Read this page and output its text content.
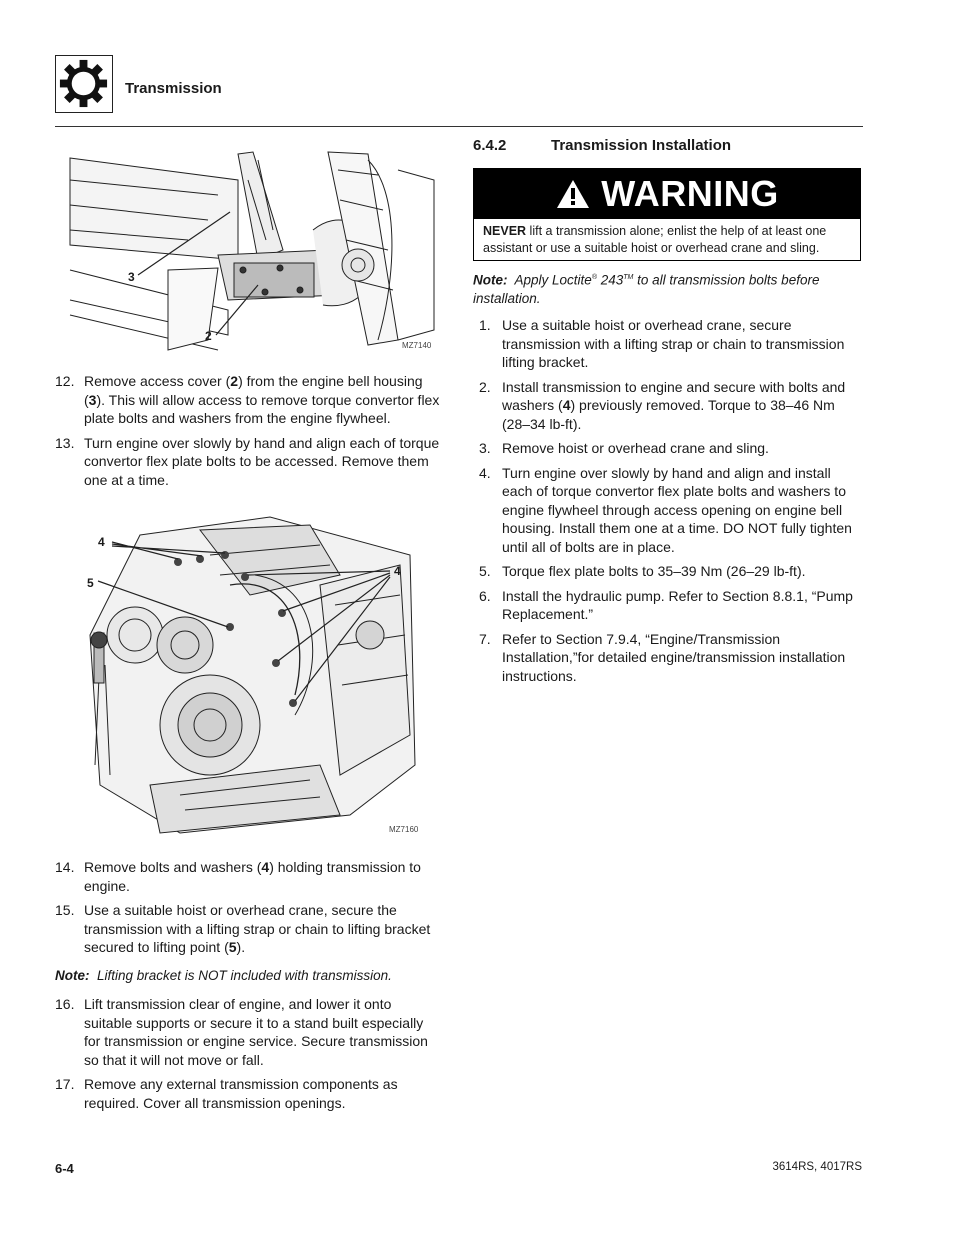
Transmission
3
2
MZ7140
12. Remove access cover (2) from the engine bell housing (3). This will allow access to remove torque convertor flex plate bolts and washers from the engine flywheel.
13. Turn engine over slowly by hand and align each of torque convertor flex plate bolts to be accessed. Remove them one at a time.
4
5
4
MZ7160
14. Remove bolts and washers (4) holding transmission to engine.
15. Use a suitable hoist or overhead crane, secure the transmission with a lifting strap or chain to lifting bracket secured to lifting point (5).
Note: Lifting bracket is NOT included with transmission.
16. Lift transmission clear of engine, and lower it onto suitable supports or secure it to a stand built especially for transmission or engine service. Secure transmission so that it will not move or fall.
17. Remove any external transmission components as required. Cover all transmission openings.
6.4.2	Transmission Installation
WARNING
NEVER lift a transmission alone; enlist the help of at least one assistant or use a suitable hoist or overhead crane and sling.
Note: Apply Loctite® 243™ to all transmission bolts before installation.
1. Use a suitable hoist or overhead crane, secure transmission with a lifting strap or chain to transmission lifting bracket.
2. Install transmission to engine and secure with bolts and washers (4) previously removed. Torque to 38–46 Nm (28–34 lb-ft).
3. Remove hoist or overhead crane and sling.
4. Turn engine over slowly by hand and align and install each of torque convertor flex plate bolts and washers to engine flywheel through access opening on engine bell housing. Install them one at a time. DO NOT fully tighten until all of bolts are in place.
5. Torque flex plate bolts to 35–39 Nm (26–29 lb-ft).
6. Install the hydraulic pump. Refer to Section 8.8.1, “Pump Replacement.”
7. Refer to Section 7.9.4, “Engine/Transmission Installation,”for detailed engine/transmission installation instructions.
6-4	3614RS, 4017RS
